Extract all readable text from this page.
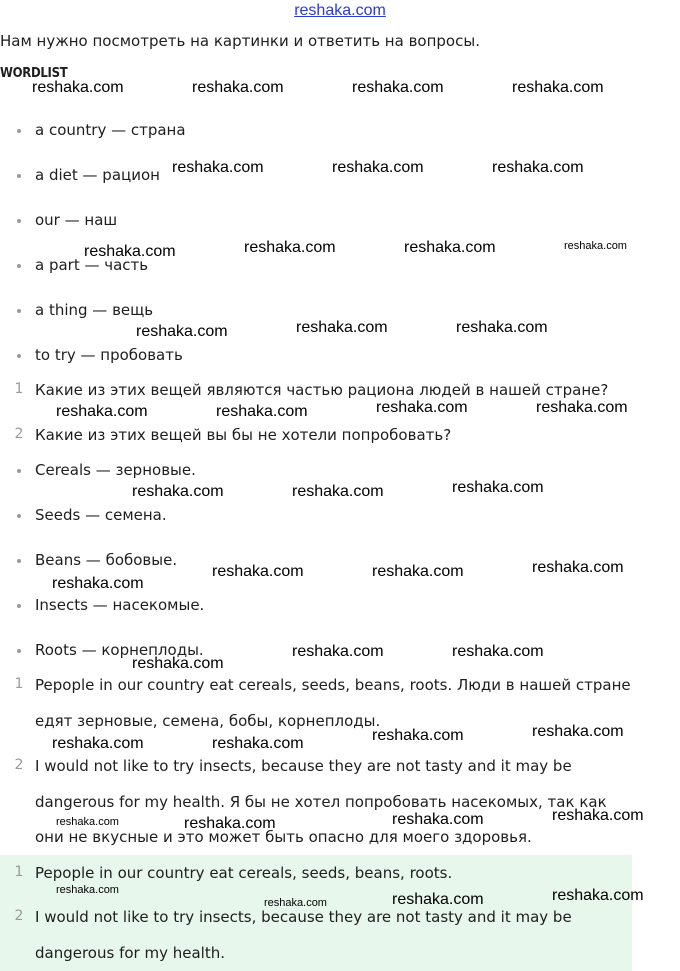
reshaka.com
Нам нужно посмотреть на картинки и ответить на вопросы.
WORDLIST
a country — страна
a diet — рацион
our — наш
a part — часть
a thing — вещь
to try — пробовать
1 Какие из этих вещей являются частью рациона людей в нашей стране?
2 Какие из этих вещей вы бы не хотели попробовать?
Cereals — зерновые.
Seeds — семена.
Beans — бобовые.
Insects — насекомые.
Roots — корнеплоды.
1 Pepople in our country eat cereals, seeds, beans, roots. Люди в нашей стране
едят зерновые, семена, бобы, корнеплоды.
2 I would not like to try insects, because they are not tasty and it may be
dangerous for my health. Я бы не хотел попробовать насекомых, так как
они не вкусные и это может быть опасно для моего здоровья.
1 Pepople in our country eat cereals, seeds, beans, roots.
2 I would not like to try insects, because they are not tasty and it may be
dangerous for my health.
reshaka.com	reshaka.com	reshaka.com	reshaka.com
reshaka.com	reshaka.com	reshaka.com
reshaka.com	reshaka.com	reshaka.com	reshaka.com
reshaka.com	reshaka.com	reshaka.com
reshaka.com	reshaka.com	reshaka.com	reshaka.com
reshaka.com	reshaka.com	reshaka.com
reshaka.com
reshaka.com	reshaka.com	reshaka.com
reshaka.com
reshaka.com	reshaka.com
reshaka.com	reshaka.com	reshaka.com	reshaka.com
reshaka.com	reshaka.com	reshaka.com	reshaka.com
reshaka.com
reshaka.com	reshaka.com	reshaka.com
